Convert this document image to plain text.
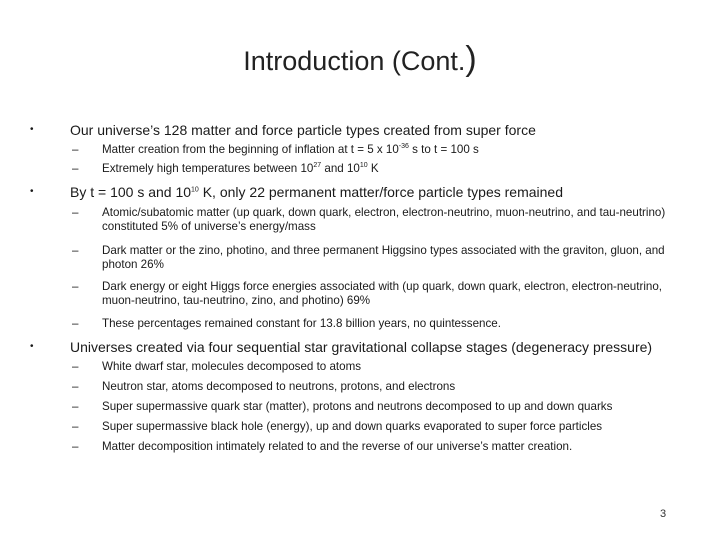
Introduction (Cont.)
•	Our universe’s 128 matter and force particle types created from super force
– Matter creation from the beginning of inflation at t = 5 x $10^{-36}$ s to t = 100 s
– Extremely high temperatures between $10^{27}$ and $10^{10}$ K
•	By t = 100 s and $10^{10}$ K, only 22 permanent matter/force particle types remained
– Atomic/subatomic matter (up quark, down quark, electron, electron-neutrino, muon-neutrino, and tau-neutrino) constituted 5% of universe’s energy/mass
– Dark matter or the zino, photino, and three permanent Higgsino types associated with the graviton, gluon, and photon 26%
– Dark energy or eight Higgs force energies associated with (up quark, down quark, electron, electron-neutrino, muon-neutrino, tau-neutrino, zino, and photino) 69%
– These percentages remained constant for 13.8 billion years, no quintessence.
•	Universes created via four sequential star gravitational collapse stages (degeneracy pressure)
– White dwarf star, molecules decomposed to atoms
– Neutron star, atoms decomposed to neutrons, protons, and electrons
– Super supermassive quark star (matter), protons and neutrons decomposed to up and down quarks
– Super supermassive black hole (energy), up and down quarks evaporated to super force particles
– Matter decomposition intimately related to and the reverse of our universe’s matter creation.
3
